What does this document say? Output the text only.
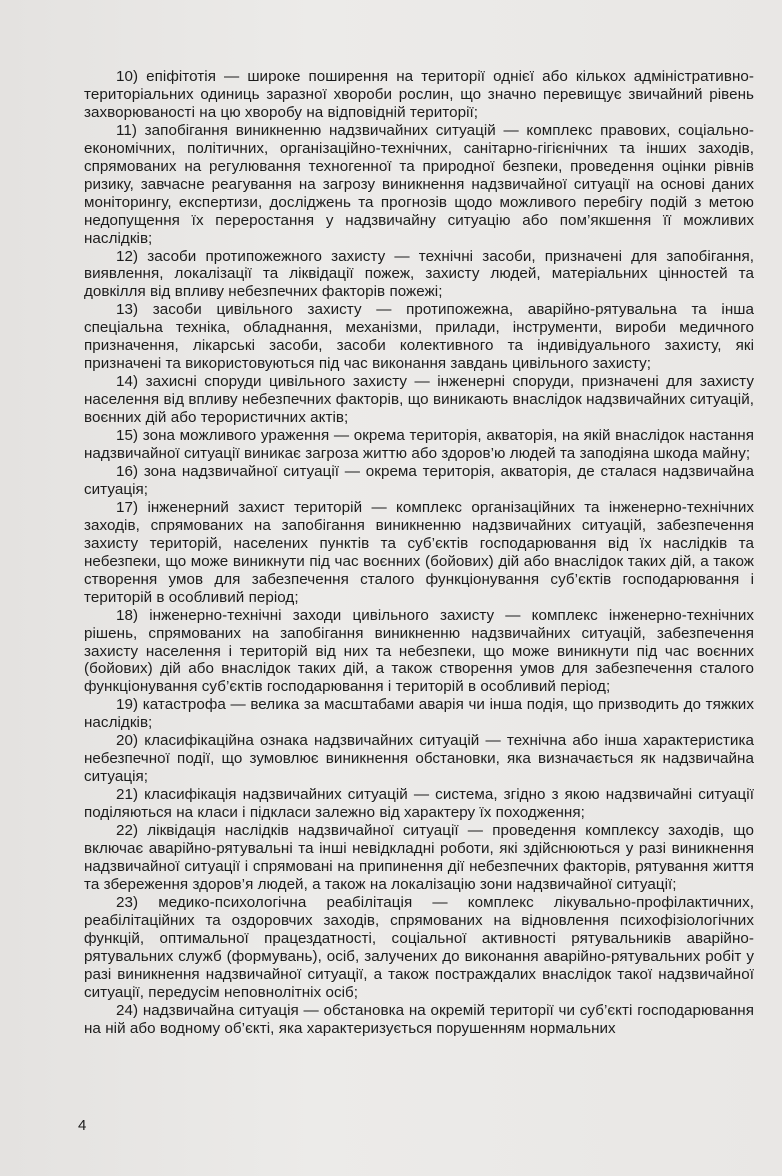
10) епіфітотія — широке поширення на території однієї або кількох адміністративно-територіальних одиниць заразної хвороби рослин, що значно перевищує звичайний рівень захворюваності на цю хворобу на відповідній території;

11) запобігання виникненню надзвичайних ситуацій — комплекс правових, соціально-економічних, політичних, організаційно-технічних, санітарно-гігієнічних та інших заходів, спрямованих на регулювання техногенної та природної безпеки, проведення оцінки рівнів ризику, завчасне реагування на загрозу виникнення надзвичайної ситуації на основі даних моніторингу, експертизи, досліджень та прогнозів щодо можливого перебігу подій з метою недопущення їх переростання у надзвичайну ситуацію або пом’якшення її можливих наслідків;

12) засоби протипожежного захисту — технічні засоби, призначені для запобігання, виявлення, локалізації та ліквідації пожеж, захисту людей, матеріальних цінностей та довкілля від впливу небезпечних факторів пожежі;

13) засоби цивільного захисту — протипожежна, аварійно-рятувальна та інша спеціальна техніка, обладнання, механізми, прилади, інструменти, вироби медичного призначення, лікарські засоби, засоби колективного та індивідуального захисту, які призначені та використовуються під час виконання завдань цивільного захисту;

14) захисні споруди цивільного захисту — інженерні споруди, призначені для захисту населення від впливу небезпечних факторів, що виникають внаслідок надзвичайних ситуацій, воєнних дій або терористичних актів;

15) зона можливого ураження — окрема територія, акваторія, на якій внаслідок настання надзвичайної ситуації виникає загроза життю або здоров’ю людей та заподіяна шкода майну;

16) зона надзвичайної ситуації — окрема територія, акваторія, де сталася надзвичайна ситуація;

17) інженерний захист територій — комплекс організаційних та інженерно-технічних заходів, спрямованих на запобігання виникненню надзвичайних ситуацій, забезпечення захисту територій, населених пунктів та суб’єктів господарювання від їх наслідків та небезпеки, що може виникнути під час воєнних (бойових) дій або внаслідок таких дій, а також створення умов для забезпечення сталого функціонування суб’єктів господарювання і територій в особливий період;

18) інженерно-технічні заходи цивільного захисту — комплекс інженерно-технічних рішень, спрямованих на запобігання виникненню надзвичайних ситуацій, забезпечення захисту населення і територій від них та небезпеки, що може виникнути під час воєнних (бойових) дій або внаслідок таких дій, а також створення умов для забезпечення сталого функціонування суб’єктів господарювання і територій в особливий період;

19) катастрофа — велика за масштабами аварія чи інша подія, що призводить до тяжких наслідків;

20) класифікаційна ознака надзвичайних ситуацій — технічна або інша характеристика небезпечної події, що зумовлює виникнення обстановки, яка визначається як надзвичайна ситуація;

21) класифікація надзвичайних ситуацій — система, згідно з якою надзвичайні ситуації поділяються на класи і підкласи залежно від характеру їх походження;

22) ліквідація наслідків надзвичайної ситуації — проведення комплексу заходів, що включає аварійно-рятувальні та інші невідкладні роботи, які здійснюються у разі виникнення надзвичайної ситуації і спрямовані на припинення дії небезпечних факторів, рятування життя та збереження здоров’я людей, а також на локалізацію зони надзвичайної ситуації;

23) медико-психологічна реабілітація — комплекс лікувально-профілактичних, реабілітаційних та оздоровчих заходів, спрямованих на відновлення психофізіологічних функцій, оптимальної працездатності, соціальної активності рятувальників аварійно-рятувальних служб (формувань), осіб, залучених до виконання аварійно-рятувальних робіт у разі виникнення надзвичайної ситуації, а також постраждалих внаслідок такої надзвичайної ситуації, передусім неповнолітніх осіб;

24) надзвичайна ситуація — обстановка на окремій території чи суб’єкті господарювання на ній або водному об’єкті, яка характеризується порушенням нормальних

4
